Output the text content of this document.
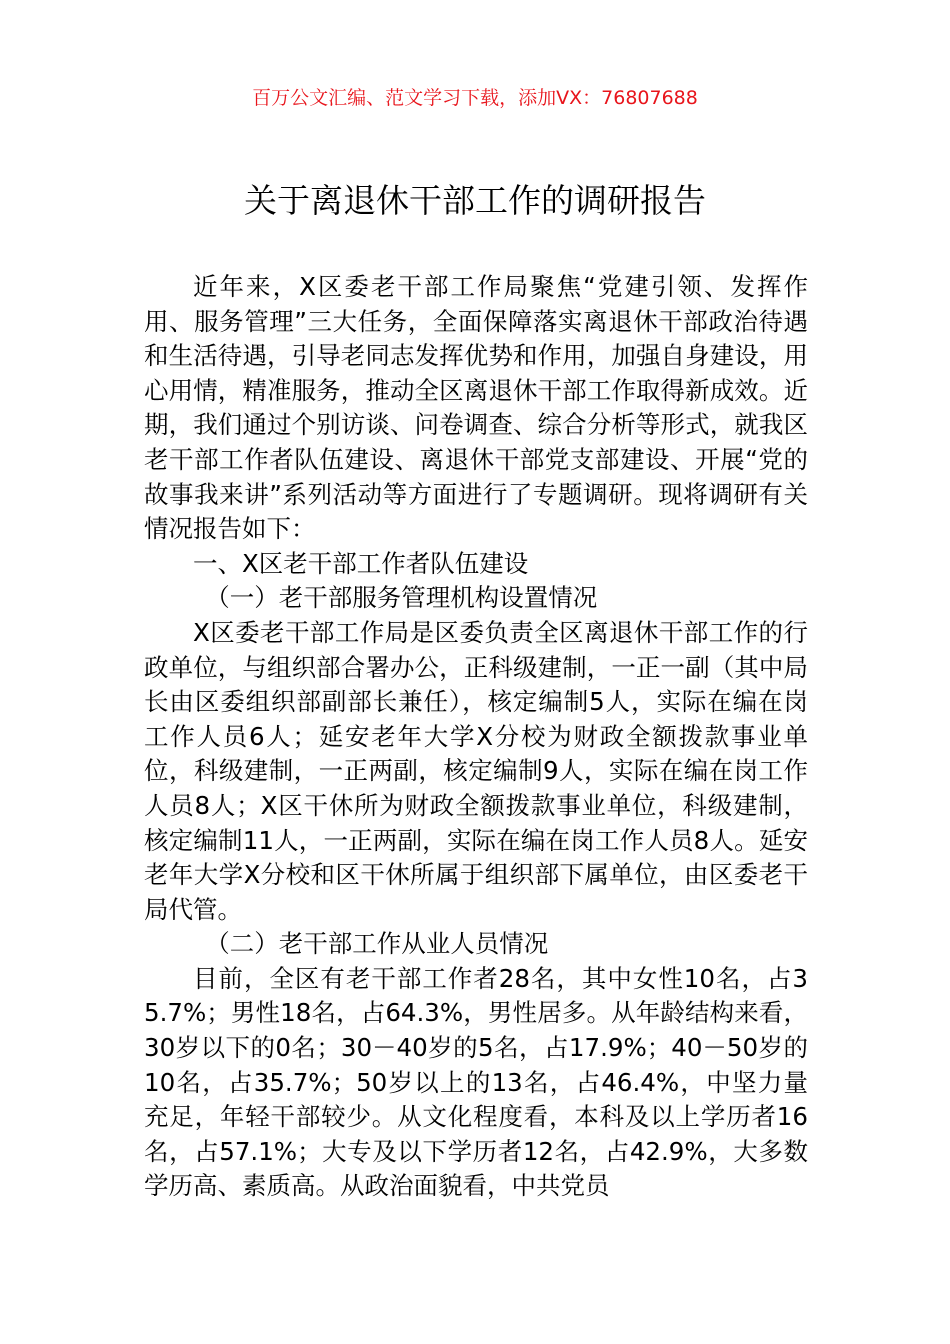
百万公文汇编、范文学习下载，添加VX：76807688
关于离退休干部工作的调研报告

近年来，X区委老干部工作局聚焦“党建引领、发挥作用、服务管理”三大任务，全面保障落实离退休干部政治待遇和生活待遇，引导老同志发挥优势和作用，加强自身建设，用心用情，精准服务，推动全区离退休干部工作取得新成效。近期，我们通过个别访谈、问卷调查、综合分析等形式，就我区老干部工作者队伍建设、离退休干部党支部建设、开展“党的故事我来讲”系列活动等方面进行了专题调研。现将调研有关情况报告如下：

一、X区老干部工作者队伍建设

（一）老干部服务管理机构设置情况

X区委老干部工作局是区委负责全区离退休干部工作的行政单位，与组织部合署办公，正科级建制，一正一副（其中局长由区委组织部副部长兼任），核定编制5人，实际在编在岗工作人员6人；延安老年大学X分校为财政全额拨款事业单位，科级建制，一正两副，核定编制9人，实际在编在岗工作人员8人；X区干休所为财政全额拨款事业单位，科级建制，核定编制11人，一正两副，实际在编在岗工作人员8人。延安老年大学X分校和区干休所属于组织部下属单位，由区委老干局代管。

（二）老干部工作从业人员情况

目前，全区有老干部工作者28名，其中女性10名，占35.7%；男性18名，占64.3%，男性居多。从年龄结构来看，30岁以下的0名；30－40岁的5名，占17.9%；40－50岁的10名，占35.7%；50岁以上的13名，占46.4%，中坚力量充足，年轻干部较少。从文化程度看，本科及以上学历者16名，占57.1%；大专及以下学历者12名，占42.9%，大多数学历高、素质高。从政治面貌看，中共党员
